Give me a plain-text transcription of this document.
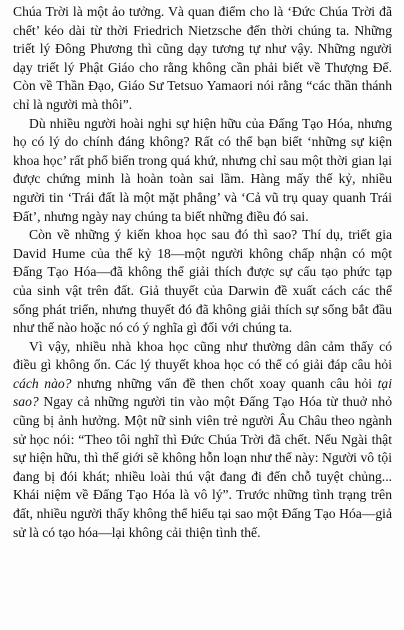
Chúa Trời là một ảo tưởng. Và quan điểm cho là ‘Đức Chúa Trời đã chết’ kéo dài từ thời Friedrich Nietzsche đến thời chúng ta. Những triết lý Đông Phương thì cũng dạy tương tự như vậy. Những người dạy triết lý Phật Giáo cho rằng không cần phải biết về Thượng Đế. Còn về Thần Đạo, Giáo Sư Tetsuo Yamaori nói rằng “các thần thánh chỉ là người mà thôi”.

Dù nhiều người hoài nghi sự hiện hữu của Đấng Tạo Hóa, nhưng họ có lý do chính đáng không? Rất có thể bạn biết ‘những sự kiện khoa học’ rất phổ biến trong quá khứ, nhưng chỉ sau một thời gian lại được chứng minh là hoàn toàn sai lầm. Hàng mấy thế kỷ, nhiều người tin ‘Trái đất là một mặt phẳng’ và ‘Cả vũ trụ quay quanh Trái Đất’, nhưng ngày nay chúng ta biết những điều đó sai.

Còn về những ý kiến khoa học sau đó thì sao? Thí dụ, triết gia David Hume của thế kỷ 18—một người không chấp nhận có một Đấng Tạo Hóa—đã không thể giải thích được sự cấu tạo phức tạp của sinh vật trên đất. Giả thuyết của Darwin đề xuất cách các thể sống phát triển, nhưng thuyết đó đã không giải thích sự sống bắt đầu như thế nào hoặc nó có ý nghĩa gì đối với chúng ta.

Vì vậy, nhiều nhà khoa học cũng như thường dân cảm thấy có điều gì không ổn. Các lý thuyết khoa học có thể có giải đáp câu hỏi cách nào? nhưng những vấn đề then chốt xoay quanh câu hỏi tại sao? Ngay cả những người tin vào một Đấng Tạo Hóa từ thuở nhỏ cũng bị ảnh hưởng. Một nữ sinh viên trẻ người Âu Châu theo ngành sử học nói: “Theo tôi nghĩ thì Đức Chúa Trời đã chết. Nếu Ngài thật sự hiện hữu, thì thế giới sẽ không hỗn loạn như thế này: Người vô tội đang bị đói khát; nhiều loài thú vật đang đi đến chỗ tuyệt chủng... Khái niệm về Đấng Tạo Hóa là vô lý”. Trước những tình trạng trên đất, nhiều người thấy không thể hiểu tại sao một Đấng Tạo Hóa—giả sử là có tạo hóa—lại không cải thiện tình thế.
